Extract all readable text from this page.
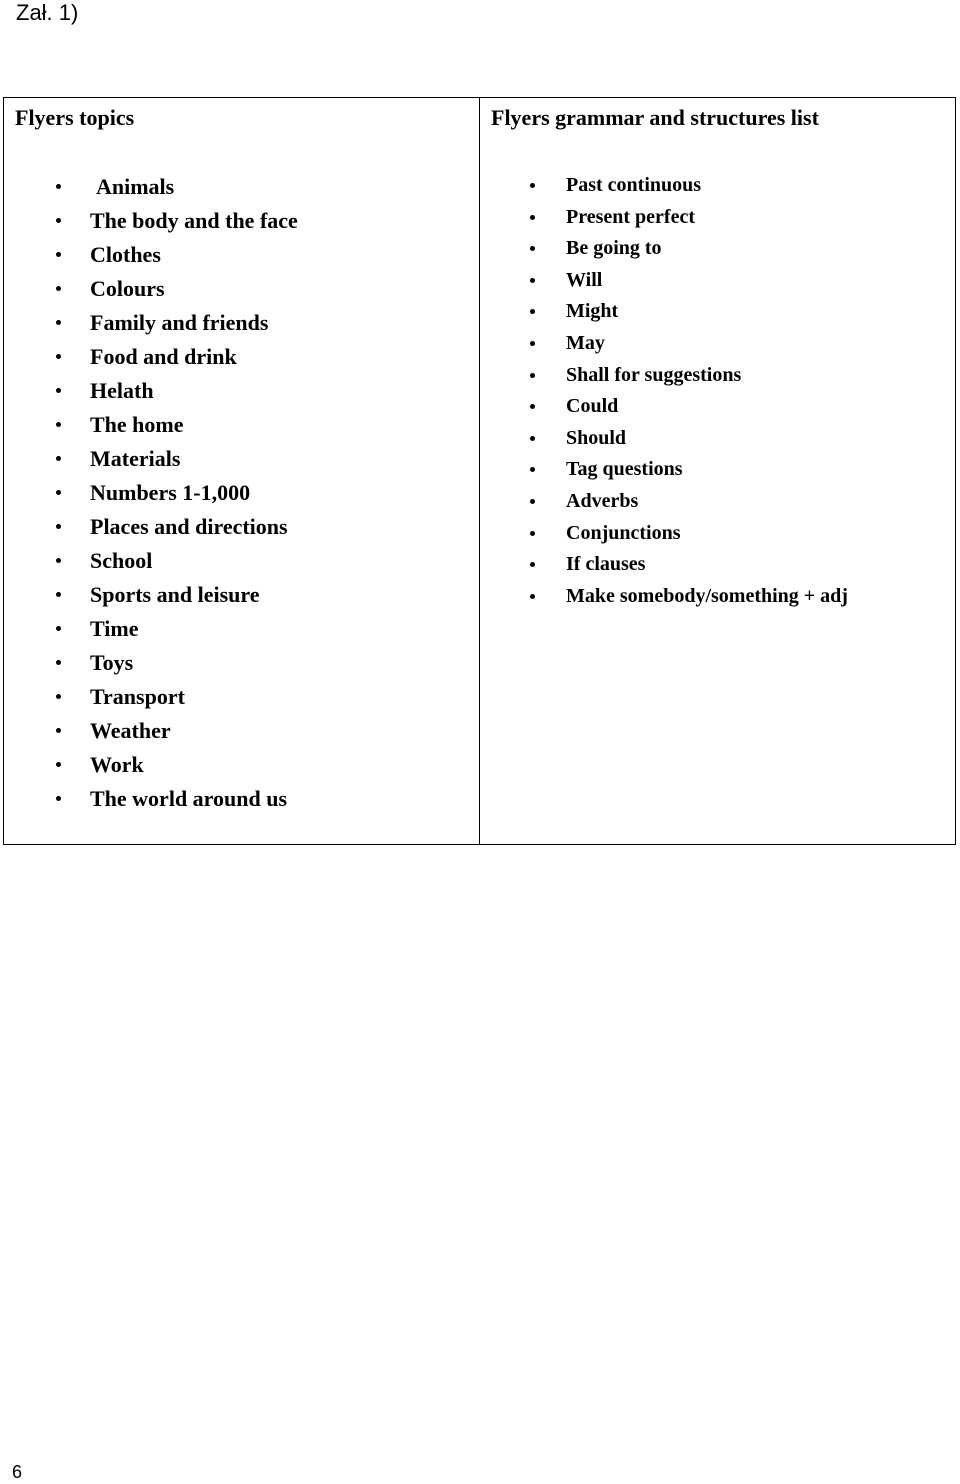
Zał. 1)
Flyers topics
Animals
The body and the face
Clothes
Colours
Family and friends
Food and drink
Helath
The home
Materials
Numbers 1-1,000
Places and directions
School
Sports and leisure
Time
Toys
Transport
Weather
Work
The world around us
Flyers grammar and structures list
Past continuous
Present perfect
Be going to
Will
Might
May
Shall for suggestions
Could
Should
Tag questions
Adverbs
Conjunctions
If clauses
Make somebody/something + adj
6
